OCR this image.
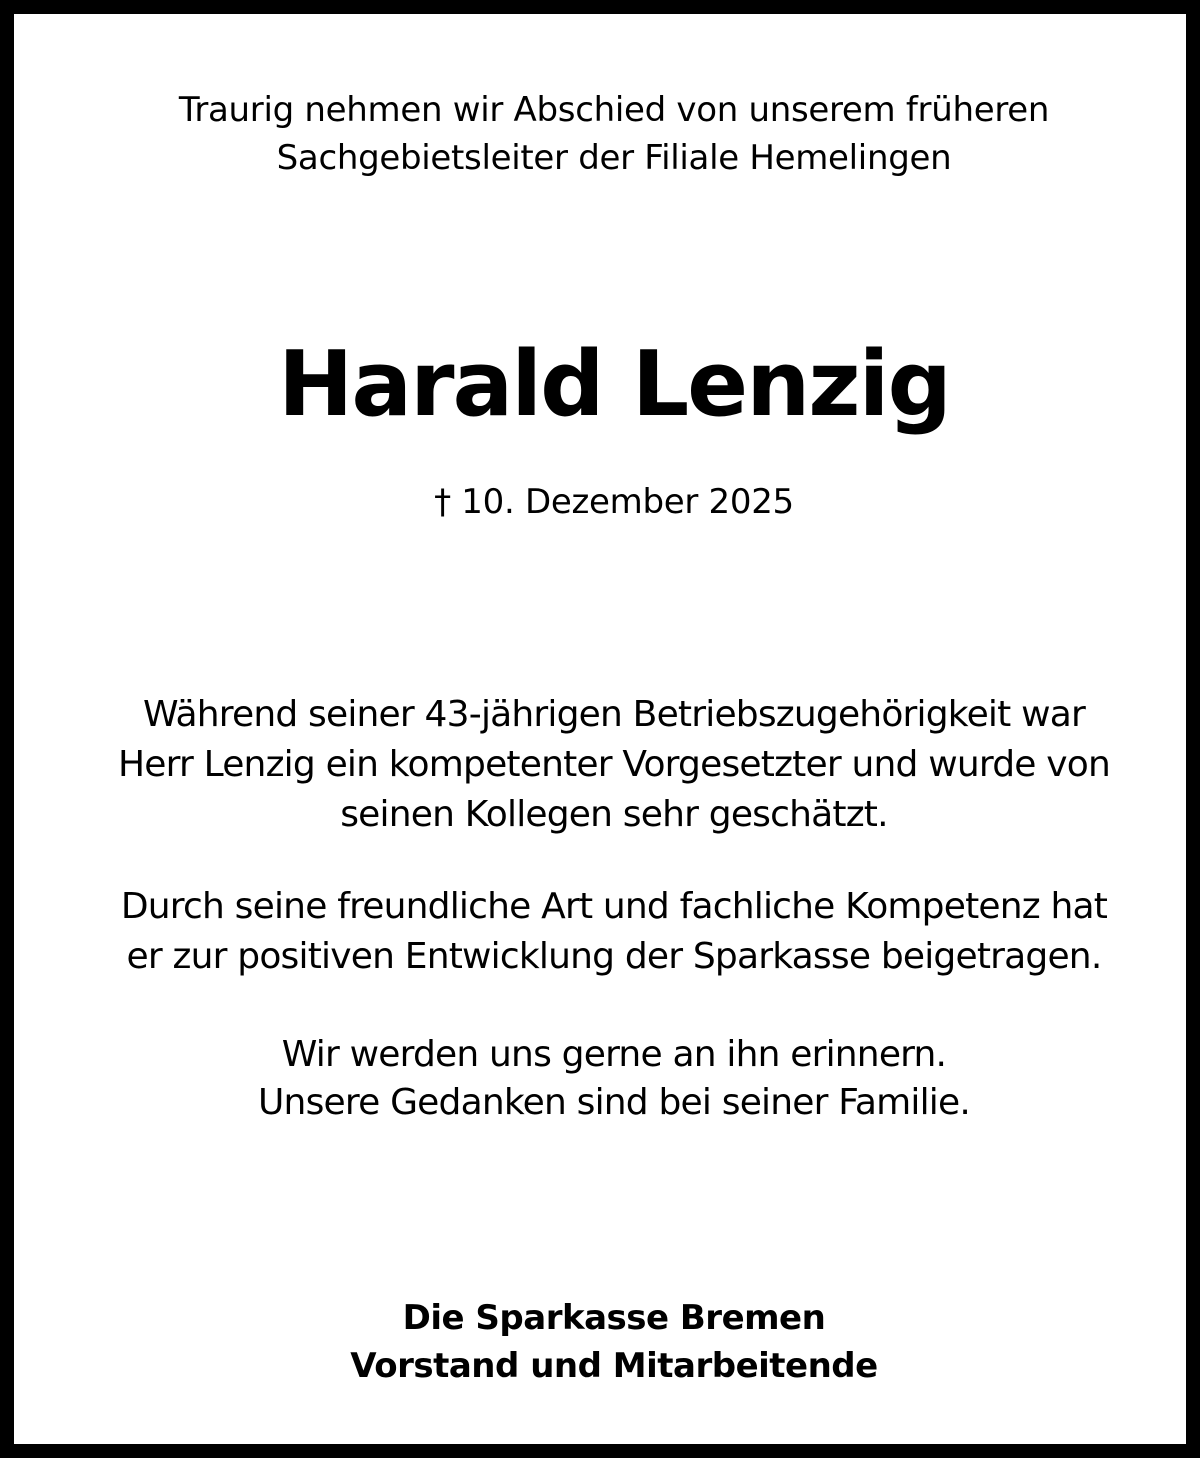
Traurig nehmen wir Abschied von unserem früheren
Sachgebietsleiter der Filiale Hemelingen
Harald Lenzig
† 10. Dezember 2025
Während seiner 43-jährigen Betriebszugehörigkeit war
Herr Lenzig ein kompetenter Vorgesetzter und wurde von
seinen Kollegen sehr geschätzt.
Durch seine freundliche Art und fachliche Kompetenz hat
er zur positiven Entwicklung der Sparkasse beigetragen.
Wir werden uns gerne an ihn erinnern.
Unsere Gedanken sind bei seiner Familie.
Die Sparkasse Bremen
Vorstand und Mitarbeitende
